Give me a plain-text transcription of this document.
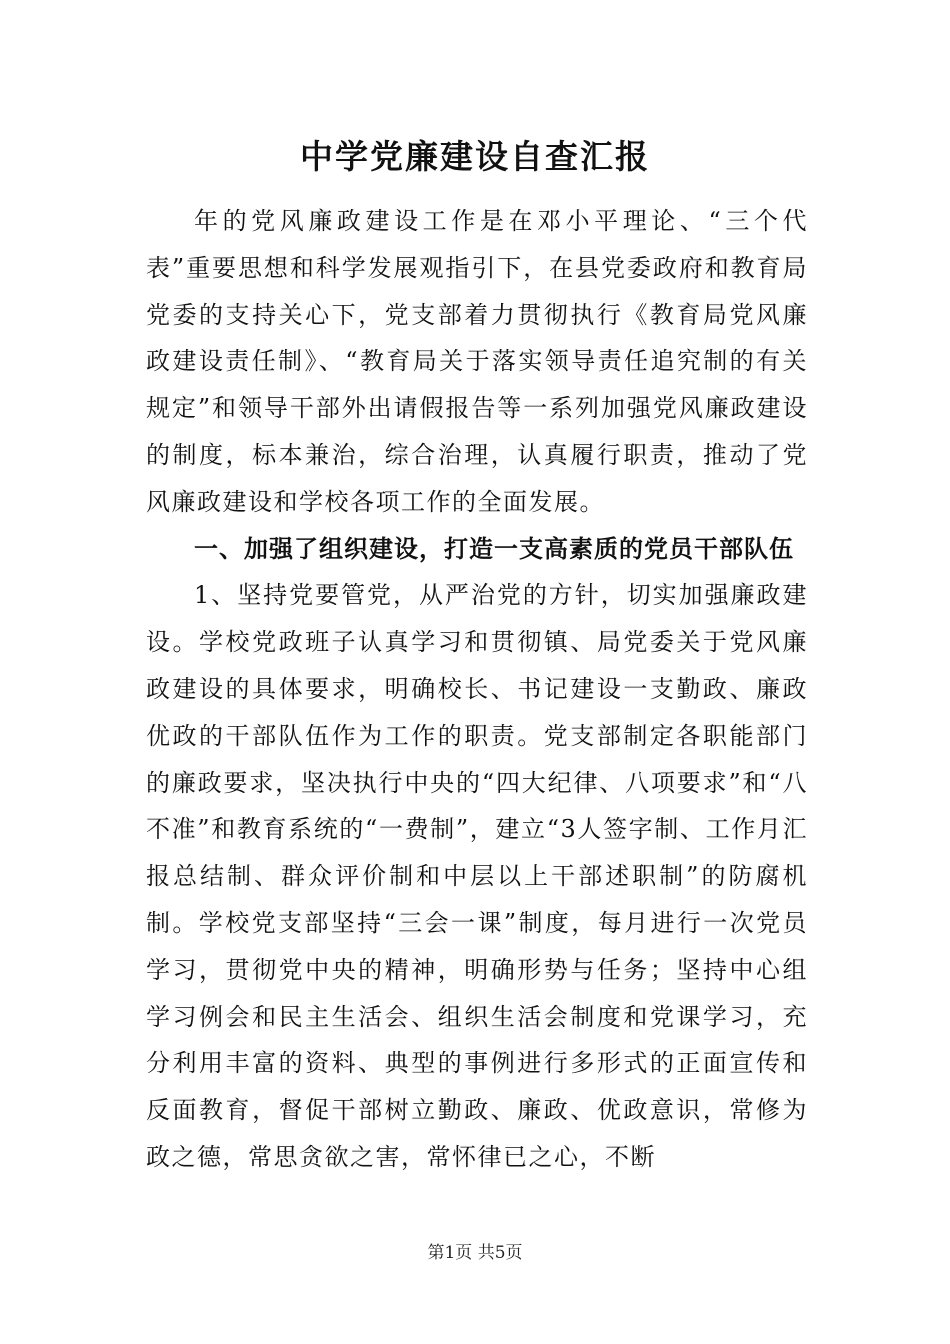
中学党廉建设自查汇报

年的党风廉政建设工作是在邓小平理论、“三个代表”重要思想和科学发展观指引下，在县党委政府和教育局党委的支持关心下，党支部着力贯彻执行《教育局党风廉政建设责任制》、“教育局关于落实领导责任追究制的有关规定”和领导干部外出请假报告等一系列加强党风廉政建设的制度，标本兼治，综合治理，认真履行职责，推动了党风廉政建设和学校各项工作的全面发展。

一、加强了组织建设，打造一支高素质的党员干部队伍

1、坚持党要管党，从严治党的方针，切实加强廉政建设。学校党政班子认真学习和贯彻镇、局党委关于党风廉政建设的具体要求，明确校长、书记建设一支勤政、廉政优政的干部队伍作为工作的职责。党支部制定各职能部门的廉政要求，坚决执行中央的“四大纪律、八项要求”和“八不准”和教育系统的“一费制”，建立“3人签字制、工作月汇报总结制、群众评价制和中层以上干部述职制”的防腐机制。学校党支部坚持“三会一课”制度，每月进行一次党员学习，贯彻党中央的精神，明确形势与任务；坚持中心组学习例会和民主生活会、组织生活会制度和党课学习，充分利用丰富的资料、典型的事例进行多形式的正面宣传和反面教育，督促干部树立勤政、廉政、优政意识，常修为政之德，常思贪欲之害，常怀律已之心，不断

第1页 共5页
